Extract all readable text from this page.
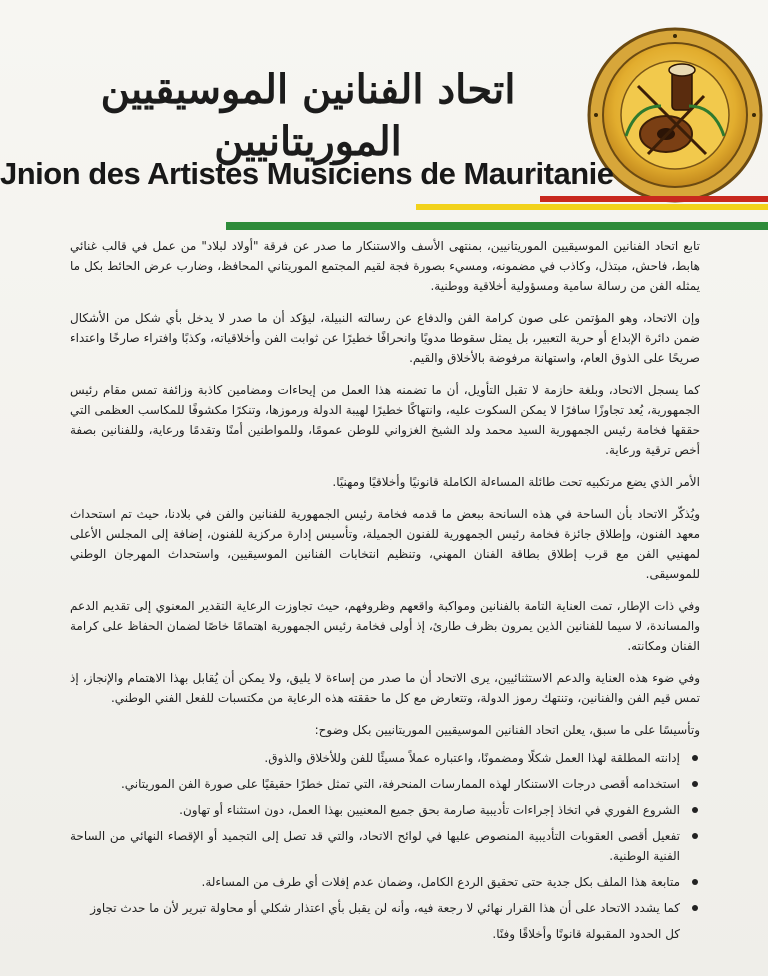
اتحاد الفنانين الموسيقيين الموريتانيين
Jnion des Artistes Musiciens de Mauritanie

تابع اتحاد الفنانين الموسيقيين الموريتانيين، بمنتهى الأسف والاستنكار ما صدر عن فرقة "أولاد لبلاد" من عمل في قالب غنائي هابط، فاحش، مبتذل، وكاذب في مضمونه، ومسيء بصورة فجة لقيم المجتمع الموريتاني المحافظ، وضارب عرض الحائط بكل ما يمثله الفن من رسالة سامية ومسؤولية أخلاقية ووطنية.

وإن الاتحاد، وهو المؤتمن على صون كرامة الفن والدفاع عن رسالته النبيلة، ليؤكد أن ما صدر لا يدخل بأي شكل من الأشكال ضمن دائرة الإبداع أو حرية التعبير، بل يمثل سقوطا مدويًا وانحرافًا خطيرًا عن ثوابت الفن وأخلاقياته، وكذبًا وافتراء صارخًا واعتداء صريحًا على الذوق العام، واستهانة مرفوضة بالأخلاق والقيم.

كما يسجل الاتحاد، وبلغة حازمة لا تقبل التأويل، أن ما تضمنه هذا العمل من إيحاءات ومضامين كاذبة وزائفة تمس مقام رئيس الجمهورية، يُعد تجاوزًا سافرًا لا يمكن السكوت عليه، وانتهاكًا خطيرًا لهيبة الدولة ورموزها، وتنكرًا مكشوفًا للمكاسب العظمى التي حققها فخامة رئيس الجمهورية السيد محمد ولد الشيخ الغزواني للوطن عمومًا، وللمواطنين أمنًا وتقدمًا ورعاية، وللفنانين بصفة أخص ترقية ورعاية.

الأمر الذي يضع مرتكبيه تحت طائلة المساءلة الكاملة قانونيًا وأخلاقيًا ومهنيًا.

ويُذكّر الاتحاد بأن الساحة في هذه السانحة ببعض ما قدمه فخامة رئيس الجمهورية للفنانين والفن في بلادنا، حيث تم استحداث معهد الفنون، وإطلاق جائزة فخامة رئيس الجمهورية للفنون الجميلة، وتأسيس إدارة مركزية للفنون، إضافة إلى المجلس الأعلى لمهنيي الفن مع قرب إطلاق بطاقة الفنان المهني، وتنظيم انتخابات الفنانين الموسيقيين، واستحداث المهرجان الوطني للموسيقى.

وفي ذات الإطار، تمت العناية التامة بالفنانين ومواكبة واقعهم وظروفهم، حيث تجاوزت الرعاية التقدير المعنوي إلى تقديم الدعم والمساندة، لا سيما للفنانين الذين يمرون بظرف طارئ، إذ أولى فخامة رئيس الجمهورية اهتمامًا خاصًا لضمان الحفاظ على كرامة الفنان ومكانته.

وفي ضوء هذه العناية والدعم الاستثنائيين، يرى الاتحاد أن ما صدر من إساءة لا يليق، ولا يمكن أن يُقابل بهذا الاهتمام والإنجاز، إذ تمس قيم الفن والفنانين، وتنتهك رموز الدولة، وتتعارض مع كل ما حققته هذه الرعاية من مكتسبات للفعل الفني الوطني.

وتأسيسًا على ما سبق، يعلن اتحاد الفنانين الموسيقيين الموريتانيين بكل وضوح:

إدانته المطلقة لهذا العمل شكلًا ومضمونًا، واعتباره عملاً مسيئًا للفن وللأخلاق والذوق.
استخدامه أقصى درجات الاستنكار لهذه الممارسات المنحرفة، التي تمثل خطرًا حقيقيًا على صورة الفن الموريتاني.
الشروع الفوري في اتخاذ إجراءات تأديبية صارمة بحق جميع المعنيين بهذا العمل، دون استثناء أو تهاون.
تفعيل أقصى العقوبات التأديبية المنصوص عليها في لوائح الاتحاد، والتي قد تصل إلى التجميد أو الإقصاء النهائي من الساحة الفنية الوطنية.
متابعة هذا الملف بكل جدية حتى تحقيق الردع الكامل، وضمان عدم إفلات أي طرف من المساءلة.
كما يشدد الاتحاد على أن هذا القرار نهائي لا رجعة فيه، وأنه لن يقبل بأي اعتذار شكلي أو محاولة تبرير لأن ما حدث تجاوز

كل الحدود المقبولة قانونًا وأخلاقًا وفنًا.
